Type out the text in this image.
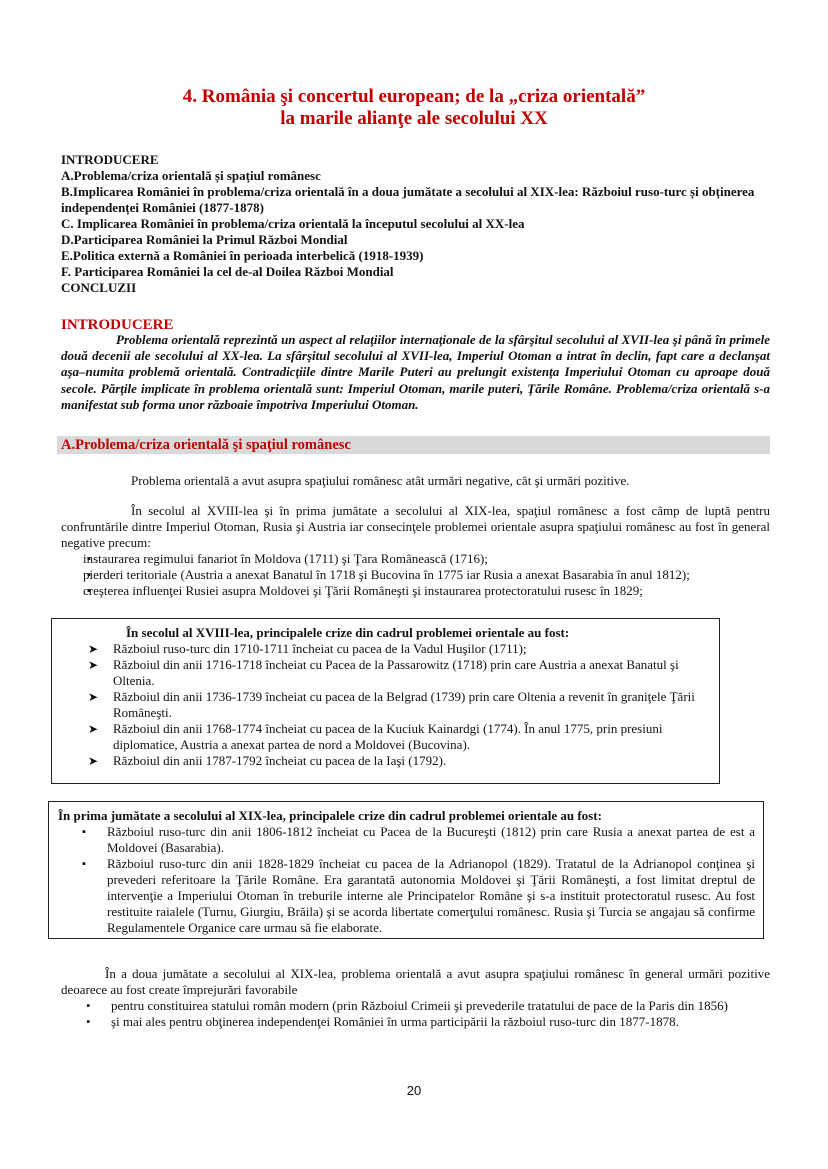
4. România şi concertul european; de la „criza orientală”
la marile alianţe ale secolului XX
INTRODUCERE
A.Problema/criza orientală și spațiul românesc
B.Implicarea României în problema/criza orientală în a doua jumătate a secolului al XIX-lea: Războiul ruso-turc și obținerea independenței României (1877-1878)
C. Implicarea României în problema/criza orientală la începutul secolului al XX-lea
D.Participarea României la Primul Război Mondial
E.Politica externă a României în perioada interbelică (1918-1939)
F. Participarea României la cel de-al Doilea Război Mondial
CONCLUZII
INTRODUCERE
Problema orientală reprezintă un aspect al relaţiilor internaţionale de la sfârşitul secolului al XVII-lea şi până în primele două decenii ale secolului al XX-lea. La sfârşitul secolului al XVII-lea, Imperiul Otoman a intrat în declin, fapt care a declanşat aşa–numita problemă orientală. Contradicţiile dintre Marile Puteri au prelungit existenţa Imperiului Otoman cu aproape două secole. Părţile implicate în problema orientală sunt: Imperiul Otoman, marile puteri, Ţările Române. Problema/criza orientală s-a manifestat sub forma unor războaie împotriva Imperiului Otoman.
A.Problema/criza orientală şi spaţiul românesc
Problema orientală a avut asupra spaţiului românesc atât urmări negative, cât şi urmări pozitive.
În secolul al XVIII-lea şi în prima jumătate a secolului al XIX-lea, spaţiul românesc a fost câmp de luptă pentru confruntările dintre Imperiul Otoman, Rusia şi Austria iar consecinţele problemei orientale asupra spaţiului românesc au fost în general negative precum:
▪ instaurarea regimului fanariot în Moldova (1711) şi Ţara Românească (1716);
▪ pierderi teritoriale (Austria a anexat Banatul în 1718 şi Bucovina în 1775 iar Rusia a anexat Basarabia în anul 1812);
▪ creşterea influenţei Rusiei asupra Moldovei şi Ţării Româneşti şi instaurarea protectoratului rusesc în 1829;
În secolul al XVIII-lea, principalele crize din cadrul problemei orientale au fost:
➤ Războiul ruso-turc din 1710-1711 încheiat cu pacea de la Vadul Huşilor (1711);
➤ Războiul din anii 1716-1718 încheiat cu Pacea de la Passarowitz (1718) prin care Austria a anexat Banatul şi Oltenia.
➤ Războiul din anii 1736-1739 încheiat cu pacea de la Belgrad (1739) prin care Oltenia a revenit în graniţele Ţării Româneşti.
➤ Războiul din anii 1768-1774 încheiat cu pacea de la Kuciuk Kainardgi (1774). În anul 1775, prin presiuni diplomatice, Austria a anexat partea de nord a Moldovei (Bucovina).
➤ Războiul din anii 1787-1792 încheiat cu pacea de la Iaşi (1792).
În prima jumătate a secolului al XIX-lea, principalele crize din cadrul problemei orientale au fost:
▪ Războiul ruso-turc din anii 1806-1812 încheiat cu Pacea de la Bucureşti (1812) prin care Rusia a anexat partea de est a Moldovei (Basarabia).
▪ Războiul ruso-turc din anii 1828-1829 încheiat cu pacea de la Adrianopol (1829). Tratatul de la Adrianopol conţinea şi prevederi referitoare la Ţările Române. Era garantată autonomia Moldovei şi Ţării Româneşti, a fost limitat dreptul de intervenţie a Imperiului Otoman în treburile interne ale Principatelor Române şi s-a instituit protectoratul rusesc. Au fost restituite raialele (Turnu, Giurgiu, Brăila) şi se acorda libertate comerţului românesc. Rusia şi Turcia se angajau să confirme Regulamentele Organice care urmau să fie elaborate.
În a doua jumătate a secolului al XIX-lea, problema orientală a avut asupra spaţiului românesc în general urmări pozitive deoarece au fost create împrejurări favorabile
• pentru constituirea statului român modern (prin Războiul Crimeii şi prevederile tratatului de pace de la Paris din 1856)
• şi mai ales pentru obţinerea independenţei României în urma participării la războiul ruso-turc din 1877-1878.
20
